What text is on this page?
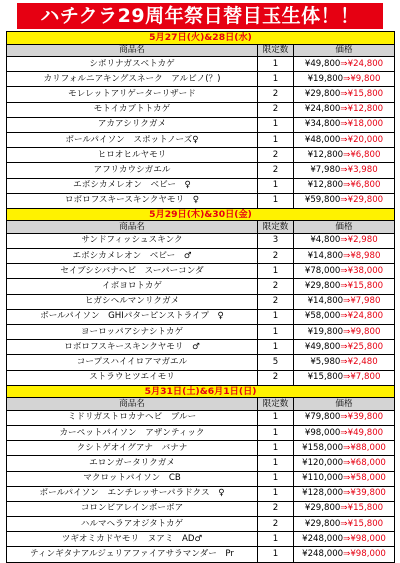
ハチクラ29周年祭日替目玉生体！！
5月27日(火)&28日(水)		
商品名	限定数	価格
シボリナガスベトカゲ	1	¥49,800⇒¥24,800
カリフォルニアキングスネーク　アルビノ(？)	1	¥19,800⇒¥9,800
モレレットアリゲーターリザード	2	¥29,800⇒¥15,800
モトイカブトトカゲ	2	¥24,800⇒¥12,800
アカアシリクガメ	1	¥34,800⇒¥18,000
ボールパイソン　スポットノーズ♀	1	¥48,000⇒¥20,000
ヒロオヒルヤモリ	2	¥12,800⇒¥6,800
アフリカウシガエル	2	¥7,980⇒¥3,980
エボシカメレオン　ベビー　♀	1	¥12,800⇒¥6,800
ロボロフスキースキンクヤモリ　♀	1	¥59,800⇒¥29,800
5月29日(木)&30日(金)		
商品名	限定数	価格
サンドフィッシュスキンク	3	¥4,800⇒¥2,980
エボシカメレオン　ベビー　♂	2	¥14,800⇒¥8,980
セイブシシバナヘビ　スーパーコンダ	1	¥78,000⇒¥38,000
イボヨロトカゲ	2	¥29,800⇒¥15,800
ヒガシヘルマンリクガメ	2	¥14,800⇒¥7,980
ボールパイソン　GHIパターピンストライプ　♀	1	¥58,000⇒¥24,800
ヨーロッパアシナシトカゲ	1	¥19,800⇒¥9,800
ロボロフスキースキンクヤモリ　♂	1	¥49,800⇒¥25,800
コープスハイイロアマガエル	5	¥5,980⇒¥2,480
ストラウヒツエイモリ	2	¥15,800⇒¥7,800
5月31日(土)&6月1日(日)		
商品名	限定数	価格
ミドリガストロカナヘビ　ブルー	1	¥79,800⇒¥39,800
カーペットパイソン　アザンティック	1	¥98,000⇒¥49,800
クシトゲオイグアナ　バナナ	1	¥158,000⇒¥88,000
エロンガータリクガメ	1	¥120,000⇒¥68,000
マクロットパイソン　CB	1	¥110,000⇒¥58,000
ボールパイソン　エンチレッサーパラドクス　♀	1	¥128,000⇒¥39,800
コロンビアレインボーボア	2	¥29,800⇒¥15,800
ハルマヘラアオジタトカゲ	2	¥29,800⇒¥15,800
ツギオミカドヤモリ　ヌアミ　AD♂	1	¥248,000⇒¥98,000
ティンギタナアルジェリアファイアサラマンダー　Pr	1	¥248,000⇒¥98,000
